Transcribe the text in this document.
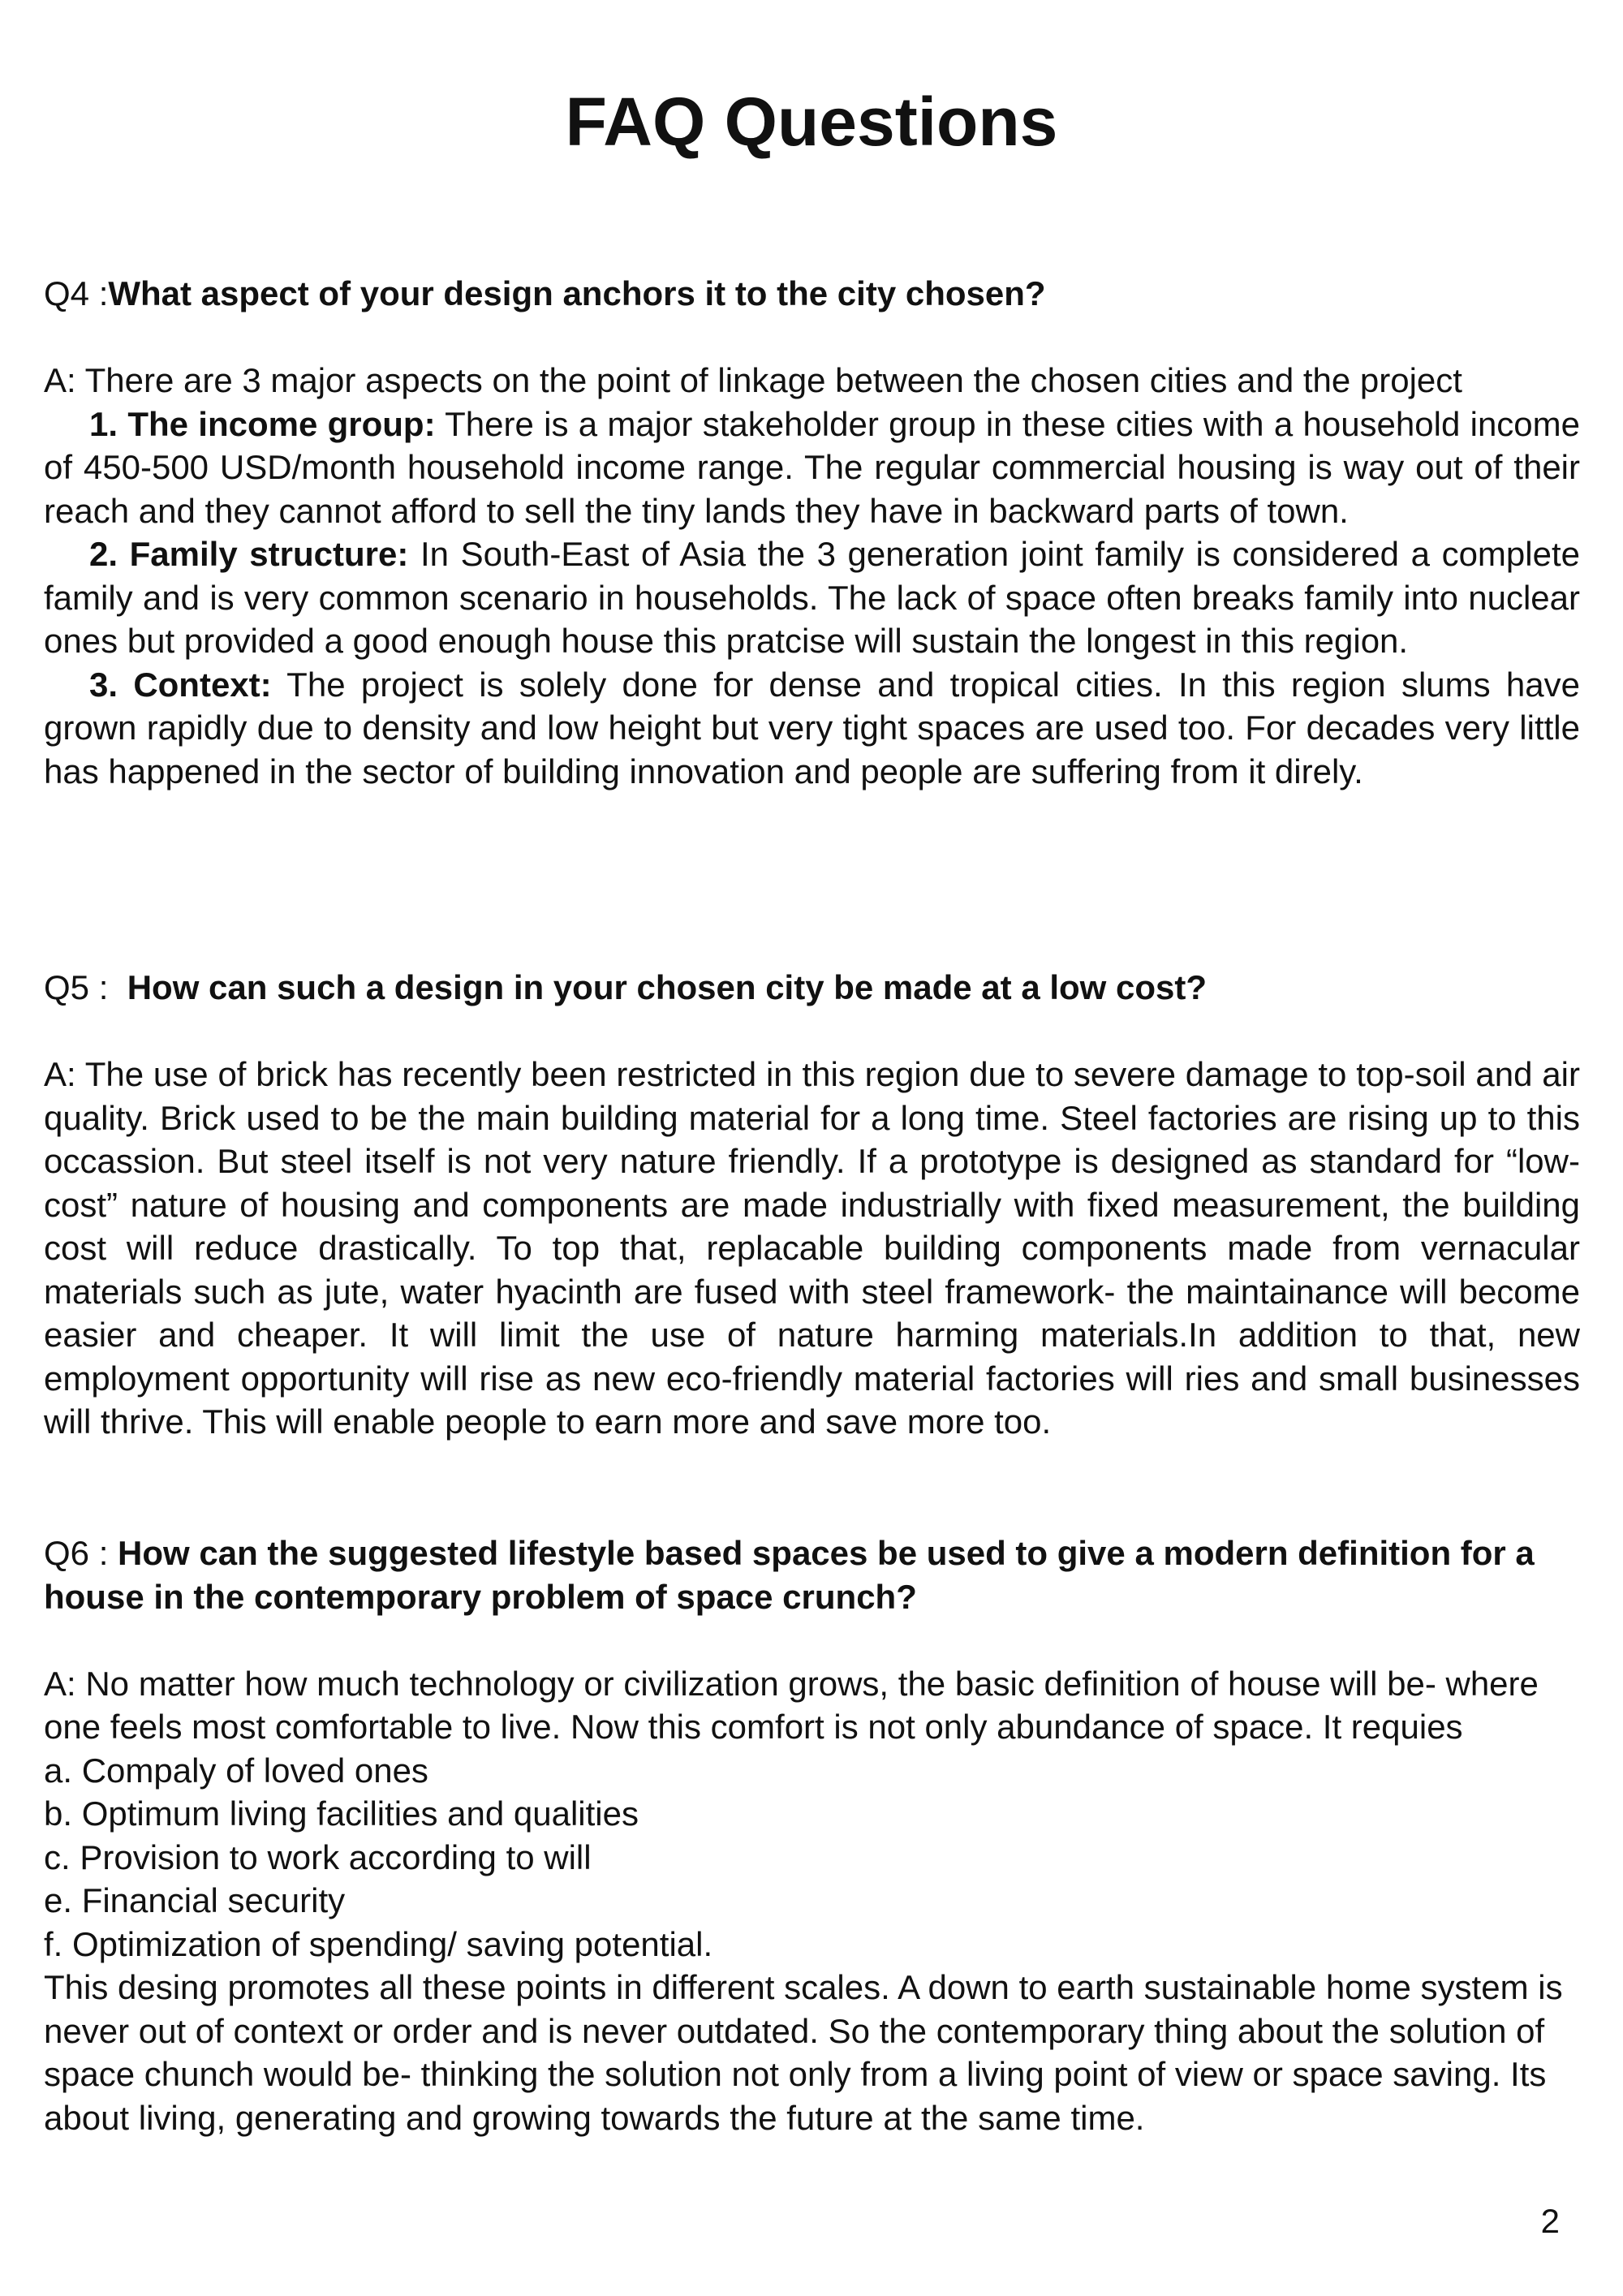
FAQ Questions

Q4 :What aspect of your design anchors it to the city chosen?

A: There are 3 major aspects on the point of linkage between the chosen cities and the project

1. The income group: There is a major stakeholder group in these cities with a household income of 450-500 USD/month household income range. The regular commercial housing is way out of their reach and they cannot afford to sell the tiny lands they have in backward parts of town.

2. Family structure: In South-East of Asia the 3 generation joint family is considered a complete family and is very common scenario in households. The lack of space often breaks family into nuclear ones but provided a good enough house this pratcise will sustain the longest in this region.

3. Context: The project is solely done for dense and tropical cities. In this region slums have grown rapidly due to density and low height but very tight spaces are used too. For decades very little has happened in the sector of building innovation and people are suffering from it direly.

Q5 :  How can such a design in your chosen city be made at a low cost?

A: The use of brick has recently been restricted in this region due to severe damage to top-soil and air quality. Brick used to be the main building material for a long time. Steel factories are rising up to this occassion. But steel itself is not very nature friendly. If a prototype is designed as standard for “low-cost” nature of housing and components are made industrially with fixed measurement, the building cost will reduce drastically. To top that, replacable building components made from vernacular materials such as jute, water hyacinth are fused with steel framework- the maintainance will become easier and cheaper. It will limit the use of nature harming materials.In addition to that, new employment opportunity will rise as new eco-friendly material factories will ries and small businesses will thrive. This will enable people to earn more and save more too.

Q6 : How can the suggested lifestyle based spaces be used to give a modern definition for a house in the contemporary problem of space crunch?

A: No matter how much technology or civilization grows, the basic definition of house will be- where one feels most comfortable to live. Now this comfort is not only abundance of space. It requies

a. Compaly of loved ones

b. Optimum living facilities and qualities

c. Provision to work according to will

e. Financial security

f. Optimization of spending/ saving potential.

This desing promotes all these points in different scales. A down to earth sustainable home system is never out of context or order and is never outdated. So the contemporary thing about the solution of space chunch would be- thinking the solution not only from a living point of view or space saving. Its about living, generating and growing towards the future at the same time.

2
